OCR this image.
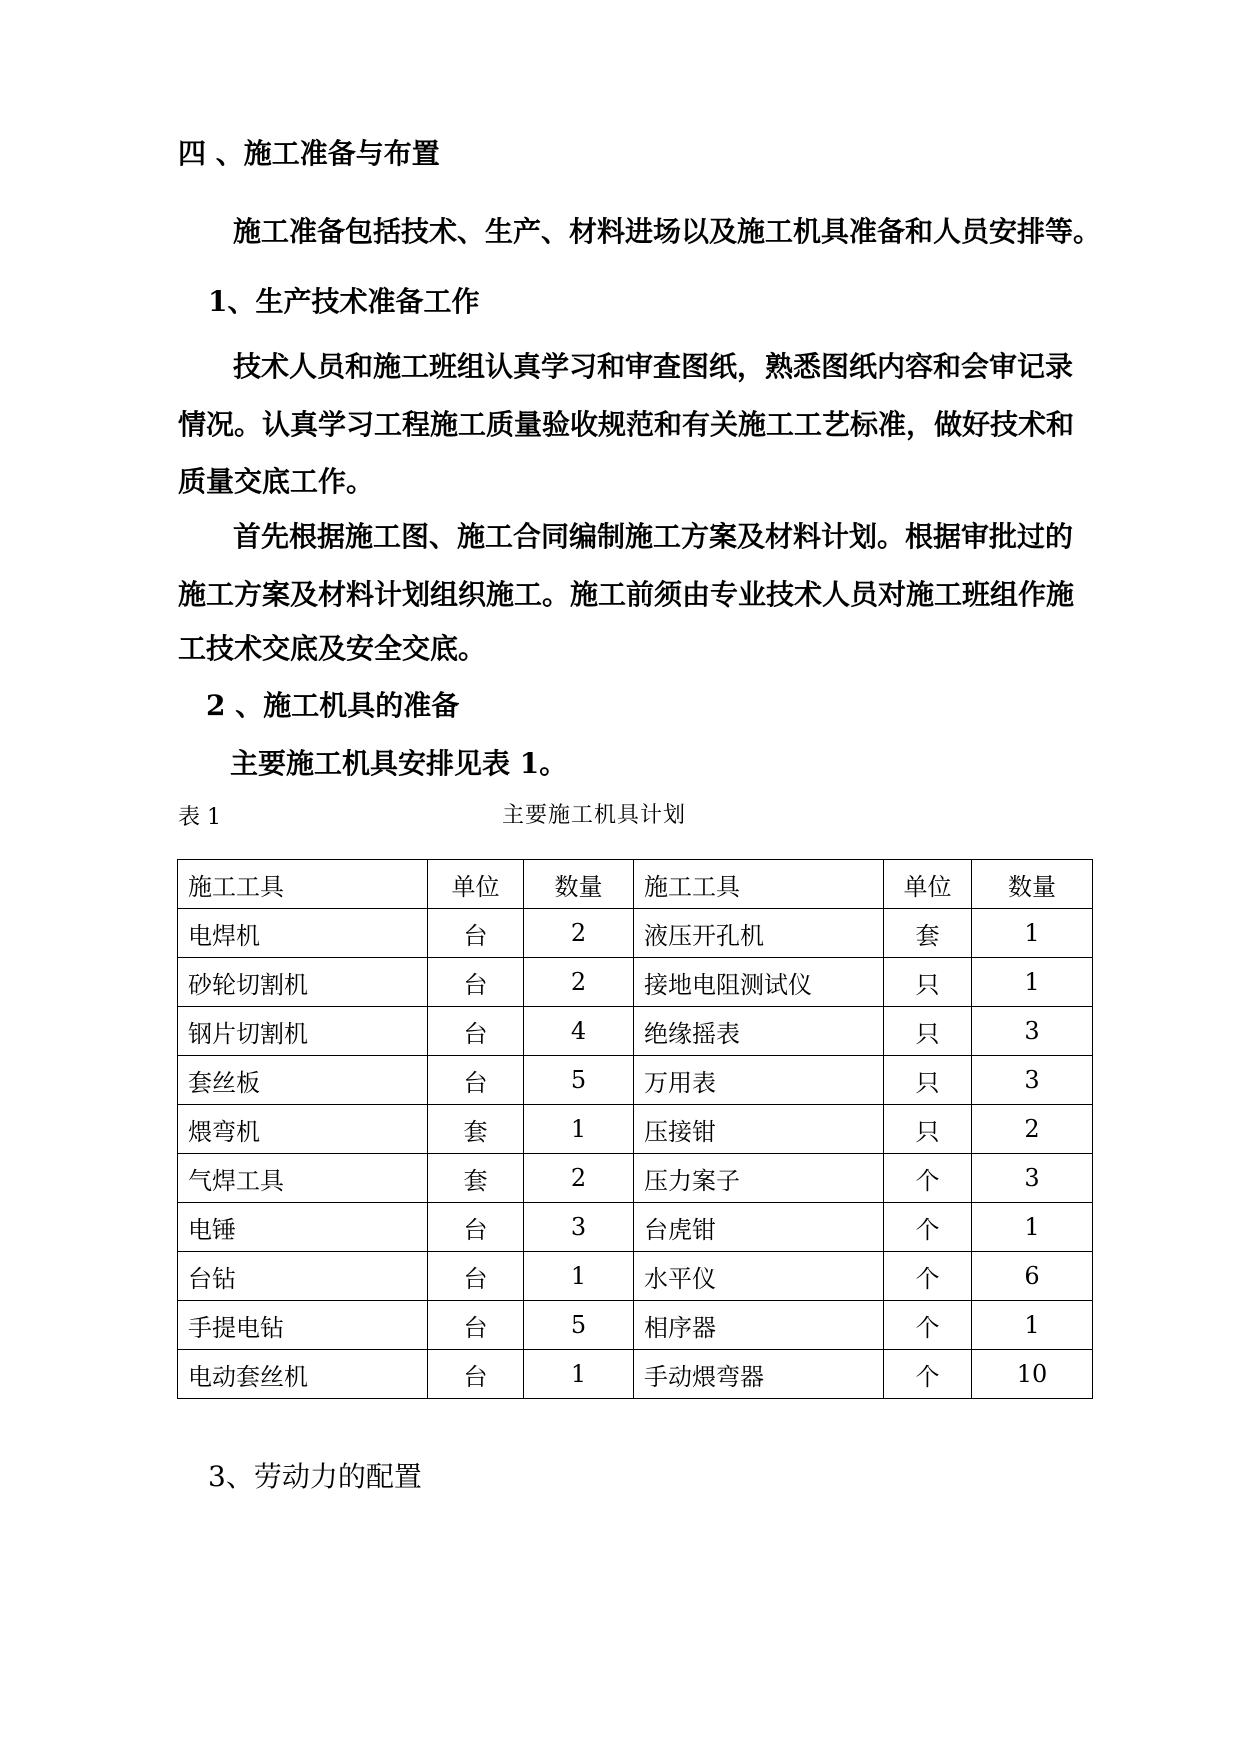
四 、施工准备与布置
施工准备包括技术、生产、材料进场以及施工机具准备和人员安排等。
1、生产技术准备工作
技术人员和施工班组认真学习和审查图纸，熟悉图纸内容和会审记录
情况。认真学习工程施工质量验收规范和有关施工工艺标准，做好技术和
质量交底工作。
首先根据施工图、施工合同编制施工方案及材料计划。根据审批过的
施工方案及材料计划组织施工。施工前须由专业技术人员对施工班组作施
工技术交底及安全交底。
2 、施工机具的准备
主要施工机具安排见表 1。
表 1	主要施工机具计划
施工工具	单位	数量	施工工具	单位	数量
电焊机	台	2	液压开孔机	套	1
砂轮切割机	台	2	接地电阻测试仪	只	1
钢片切割机	台	4	绝缘摇表	只	3
套丝板	台	5	万用表	只	3
煨弯机	套	1	压接钳	只	2
气焊工具	套	2	压力案子	个	3
电锤	台	3	台虎钳	个	1
台钻	台	1	水平仪	个	6
手提电钻	台	5	相序器	个	1
电动套丝机	台	1	手动煨弯器	个	10
3、劳动力的配置
